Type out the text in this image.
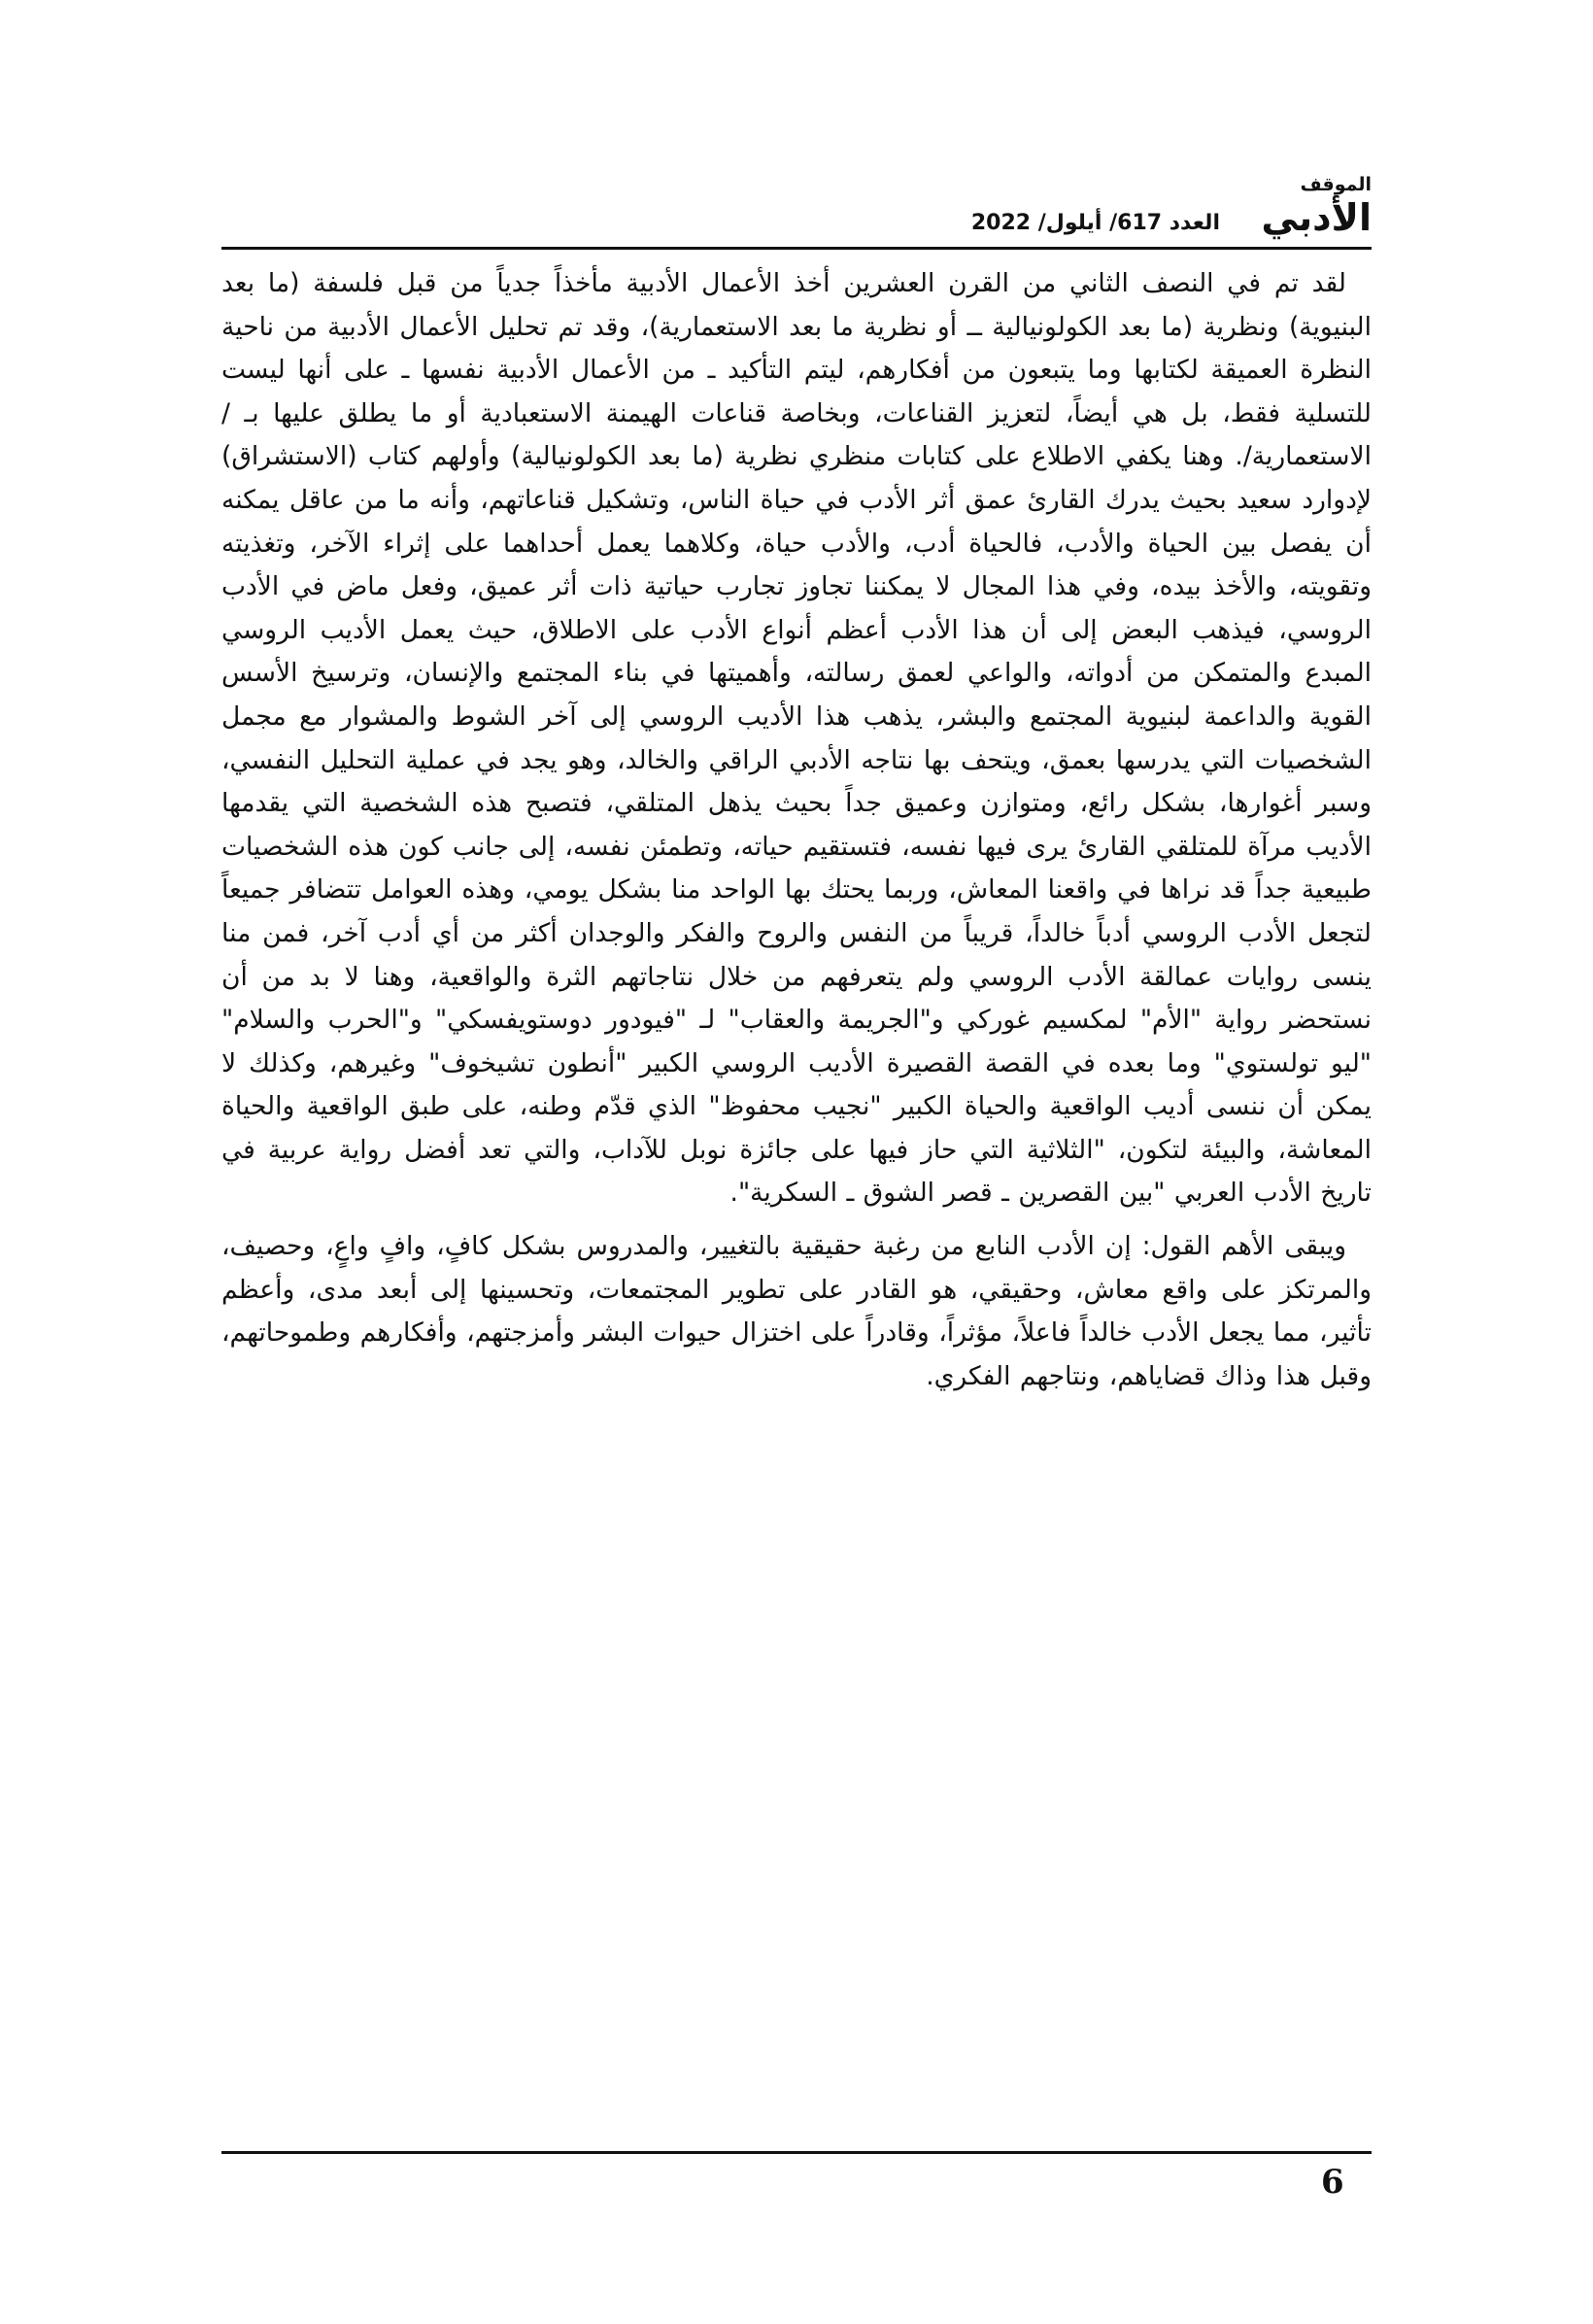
الموقف
الأدبي
العدد 617/ أيلول/ 2022

لقد تم في النصف الثاني من القرن العشرين أخذ الأعمال الأدبية مأخذاً جدياً من قبل فلسفة (ما بعد البنيوية) ونظرية (ما بعد الكولونيالية ــ أو نظرية ما بعد الاستعمارية)، وقد تم تحليل الأعمال الأدبية من ناحية النظرة العميقة لكتابها وما يتبعون من أفكارهم، ليتم التأكيد ـ من الأعمال الأدبية نفسها ـ على أنها ليست للتسلية فقط، بل هي أيضاً، لتعزيز القناعات، وبخاصة قناعات الهيمنة الاستعبادية أو ما يطلق عليها بـ /الاستعمارية/. وهنا يكفي الاطلاع على كتابات منظري نظرية (ما بعد الكولونيالية) وأولهم كتاب (الاستشراق) لإدوارد سعيد بحيث يدرك القارئ عمق أثر الأدب في حياة الناس، وتشكيل قناعاتهم، وأنه ما من عاقل يمكنه أن يفصل بين الحياة والأدب، فالحياة أدب، والأدب حياة، وكلاهما يعمل أحداهما على إثراء الآخر، وتغذيته وتقويته، والأخذ بيده، وفي هذا المجال لا يمكننا تجاوز تجارب حياتية ذات أثر عميق، وفعل ماض في الأدب الروسي، فيذهب البعض إلى أن هذا الأدب أعظم أنواع الأدب على الاطلاق، حيث يعمل الأديب الروسي المبدع والمتمكن من أدواته، والواعي لعمق رسالته، وأهميتها في بناء المجتمع والإنسان، وترسيخ الأسس القوية والداعمة لبنيوية المجتمع والبشر، يذهب هذا الأديب الروسي إلى آخر الشوط والمشوار مع مجمل الشخصيات التي يدرسها بعمق، ويتحف بها نتاجه الأدبي الراقي والخالد، وهو يجد في عملية التحليل النفسي، وسبر أغوارها، بشكل رائع، ومتوازن وعميق جداً بحيث يذهل المتلقي، فتصبح هذه الشخصية التي يقدمها الأديب مرآة للمتلقي القارئ يرى فيها نفسه، فتستقيم حياته، وتطمئن نفسه، إلى جانب كون هذه الشخصيات طبيعية جداً قد نراها في واقعنا المعاش، وربما يحتك بها الواحد منا بشكل يومي، وهذه العوامل تتضافر جميعاً لتجعل الأدب الروسي أدباً خالداً، قريباً من النفس والروح والفكر والوجدان أكثر من أي أدب آخر، فمن منا ينسى روايات عمالقة الأدب الروسي ولم يتعرفهم من خلال نتاجاتهم الثرة والواقعية، وهنا لا بد من أن نستحضر رواية "الأم" لمكسيم غوركي و"الجريمة والعقاب" لـ "فيودور دوستويفسكي" و"الحرب والسلام" "ليو تولستوي" وما بعده في القصة القصيرة الأديب الروسي الكبير "أنطون تشيخوف" وغيرهم، وكذلك لا يمكن أن ننسى أديب الواقعية والحياة الكبير "نجيب محفوظ" الذي قدّم وطنه، على طبق الواقعية والحياة المعاشة، والبيئة لتكون، "الثلاثية التي حاز فيها على جائزة نوبل للآداب، والتي تعد أفضل رواية عربية في تاريخ الأدب العربي "بين القصرين ـ قصر الشوق ـ السكرية".

ويبقى الأهم القول: إن الأدب النابع من رغبة حقيقية بالتغيير، والمدروس بشكل كافٍ، وافٍ واعٍ، وحصيف، والمرتكز على واقع معاش، وحقيقي، هو القادر على تطوير المجتمعات، وتحسينها إلى أبعد مدى، وأعظم تأثير، مما يجعل الأدب خالداً فاعلاً، مؤثراً، وقادراً على اختزال حيوات البشر وأمزجتهم، وأفكارهم وطموحاتهم، وقبل هذا وذاك قضاياهم، ونتاجهم الفكري.

6
